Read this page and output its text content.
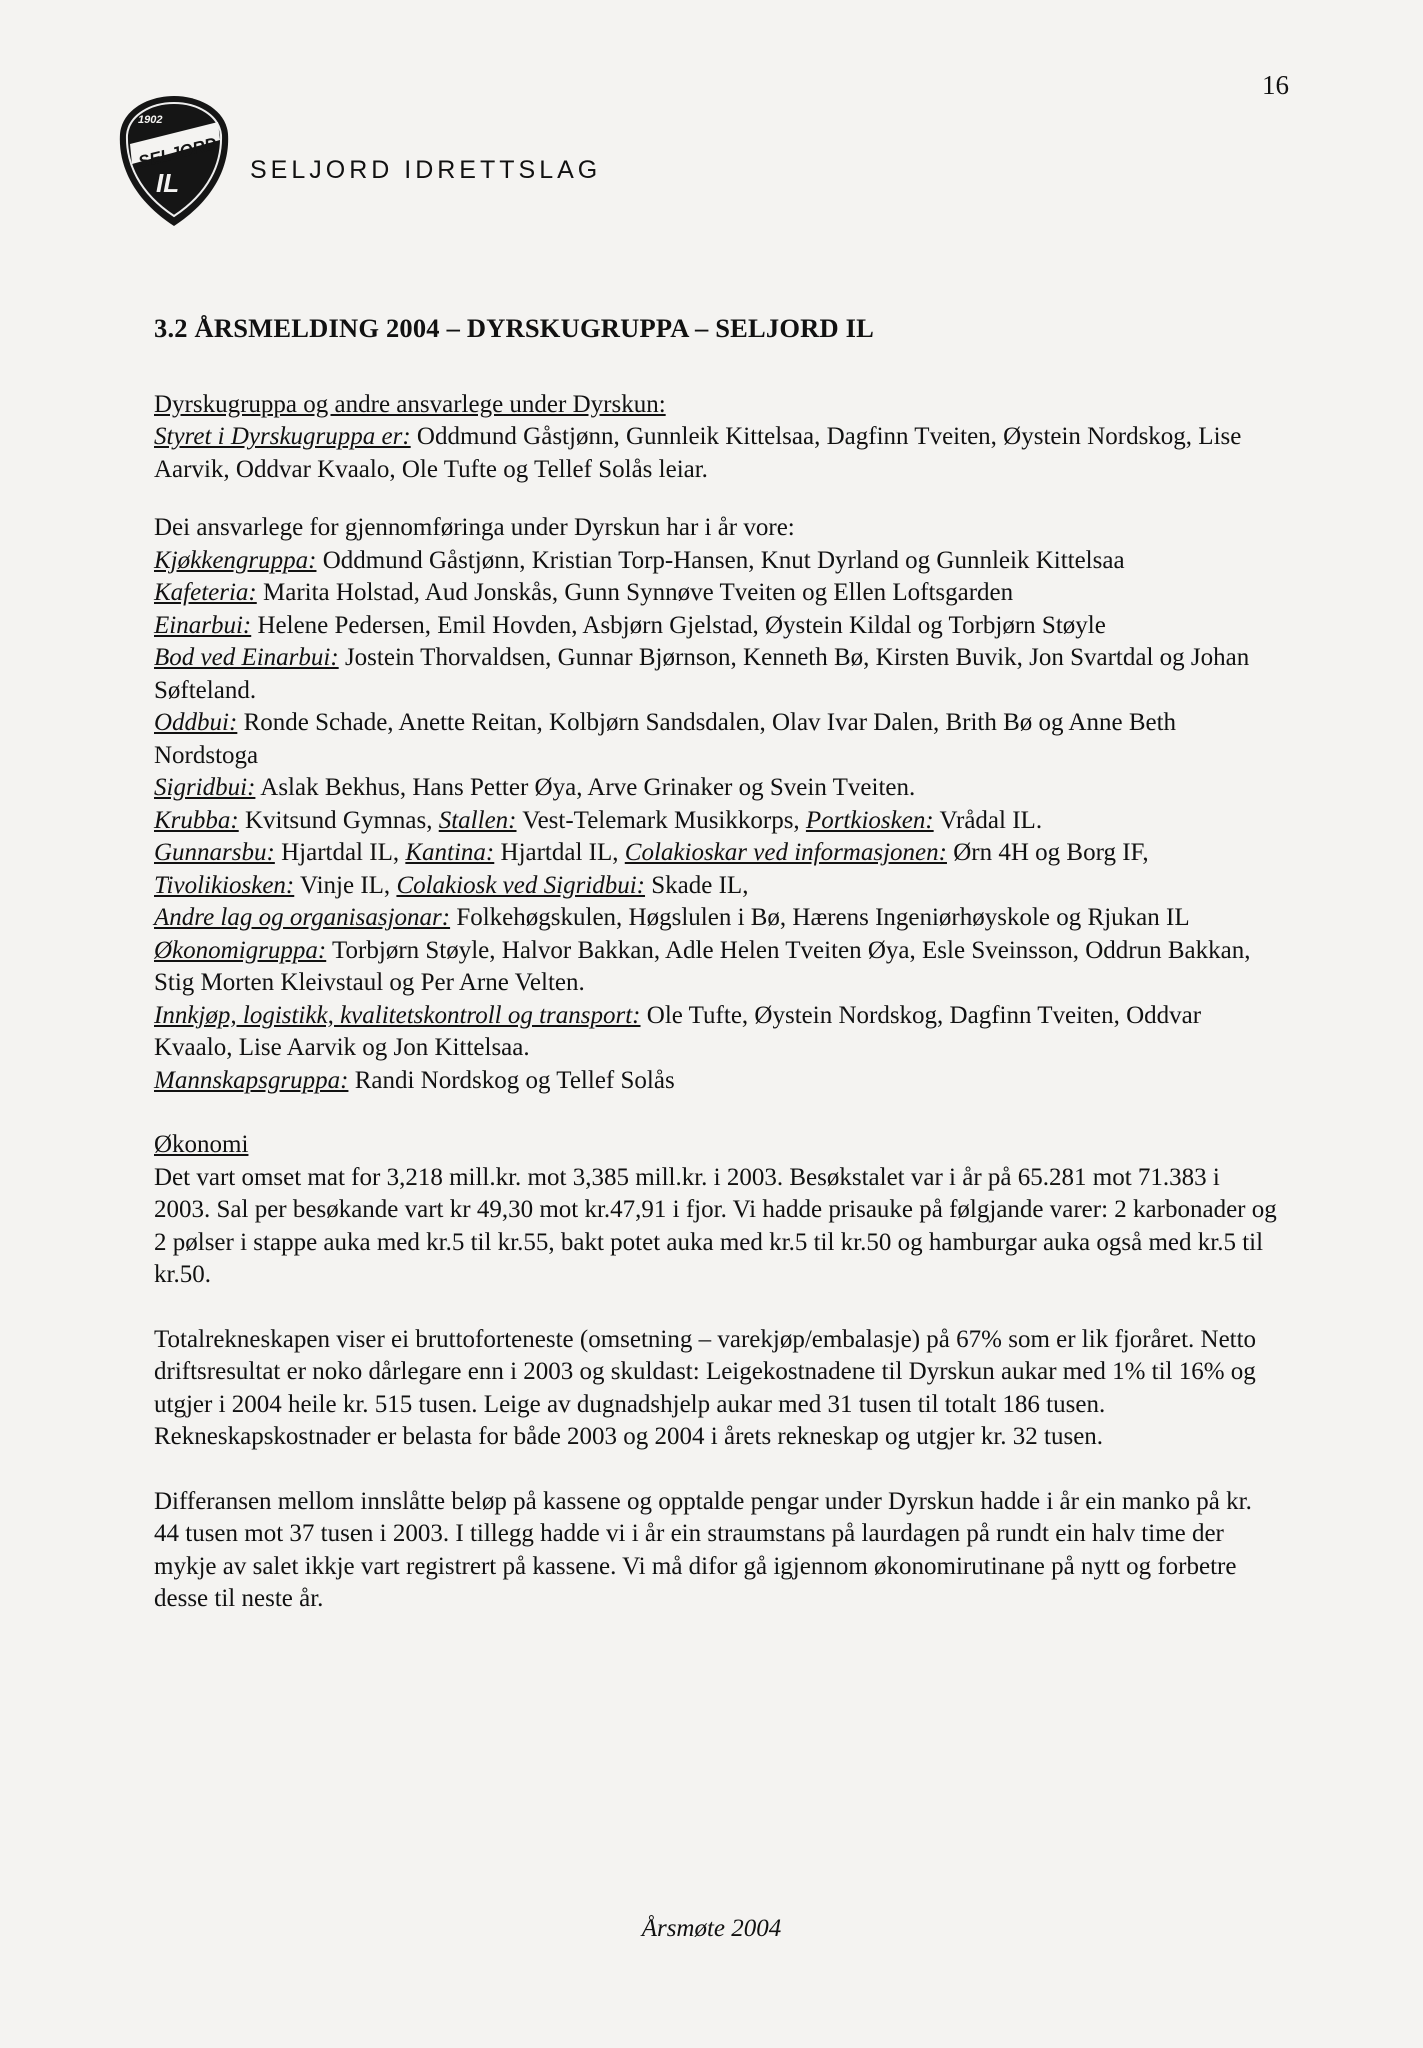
16
1902
SELJORD
IL	SELJORD IDRETTSLAG
3.2 ÅRSMELDING 2004 – DYRSKUGRUPPA – SELJORD IL

Dyrskugruppa og andre ansvarlege under Dyrskun:

Styret i Dyrskugruppa er: Oddmund Gåstjønn, Gunnleik Kittelsaa, Dagfinn Tveiten, Øystein Nordskog, Lise Aarvik, Oddvar Kvaalo, Ole Tufte og Tellef Solås leiar.

Dei ansvarlege for gjennomføringa under Dyrskun har i år vore:

Kjøkkengruppa: Oddmund Gåstjønn, Kristian Torp-Hansen, Knut Dyrland og Gunnleik Kittelsaa

Kafeteria: Marita Holstad, Aud Jonskås, Gunn Synnøve Tveiten og Ellen Loftsgarden

Einarbui: Helene Pedersen, Emil Hovden, Asbjørn Gjelstad, Øystein Kildal og Torbjørn Støyle

Bod ved Einarbui: Jostein Thorvaldsen, Gunnar Bjørnson, Kenneth Bø, Kirsten Buvik, Jon Svartdal og Johan Søfteland.

Oddbui: Ronde Schade, Anette Reitan, Kolbjørn Sandsdalen, Olav Ivar Dalen, Brith Bø og Anne Beth Nordstoga

Sigridbui: Aslak Bekhus, Hans Petter Øya, Arve Grinaker og Svein Tveiten.

Krubba: Kvitsund Gymnas, Stallen: Vest-Telemark Musikkorps, Portkiosken: Vrådal IL.

Gunnarsbu: Hjartdal IL, Kantina: Hjartdal IL, Colakioskar ved informasjonen: Ørn 4H og Borg IF, Tivolikiosken: Vinje IL, Colakiosk ved Sigridbui: Skade IL,

Andre lag og organisasjonar: Folkehøgskulen, Høgslulen i Bø, Hærens Ingeniørhøyskole og Rjukan IL

Økonomigruppa: Torbjørn Støyle, Halvor Bakkan, Adle Helen Tveiten Øya, Esle Sveinsson, Oddrun Bakkan, Stig Morten Kleivstaul og Per Arne Velten.

Innkjøp, logistikk, kvalitetskontroll og transport: Ole Tufte, Øystein Nordskog, Dagfinn Tveiten, Oddvar Kvaalo, Lise Aarvik og Jon Kittelsaa.

Mannskapsgruppa: Randi Nordskog og Tellef Solås

Økonomi

Det vart omset mat for 3,218 mill.kr. mot 3,385 mill.kr. i 2003. Besøkstalet var i år på 65.281 mot 71.383 i 2003. Sal per besøkande vart kr 49,30 mot kr.47,91 i fjor. Vi hadde prisauke på følgjande varer: 2 karbonader og 2 pølser i stappe auka med kr.5 til kr.55, bakt potet auka med kr.5 til kr.50 og hamburgar auka også med kr.5 til kr.50.

Totalrekneskapen viser ei bruttoforteneste (omsetning – varekjøp/embalasje) på 67% som er lik fjoråret. Netto driftsresultat er noko dårlegare enn i 2003 og skuldast: Leigekostnadene til Dyrskun aukar med 1% til 16% og utgjer i 2004 heile kr. 515 tusen. Leige av dugnadshjelp aukar med 31 tusen til totalt 186 tusen. Rekneskapskostnader er belasta for både 2003 og 2004 i årets rekneskap og utgjer kr. 32 tusen.

Differansen mellom innslåtte beløp på kassene og opptalde pengar under Dyrskun hadde i år ein manko på kr. 44 tusen mot 37 tusen i 2003. I tillegg hadde vi i år ein straumstans på laurdagen på rundt ein halv time der mykje av salet ikkje vart registrert på kassene. Vi må difor gå igjennom økonomirutinane på nytt og forbetre desse til neste år.

Årsmøte 2004
